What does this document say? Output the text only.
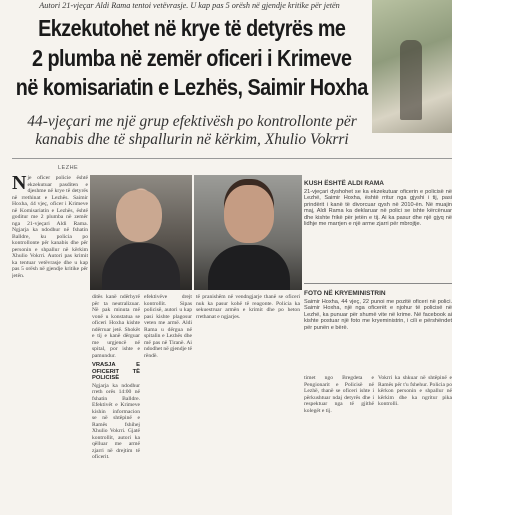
Autori 21-vjeçar Aldi Rama tentoi vetëvrasje. U kap pas 5 orësh në gjendje kritike për jetën
Ekzekutohet në krye të detyrës me
2 plumba në zemër oficeri i Krimeve
në komisariatin e Lezhës, Saimir Hoxha
44-vjeçari me një grup efektivësh po kontrollonte për kanabis dhe të shpallurin në kërkim, Xhulio Vokrri
LEZHE
N je oficer policie është ekzekutuar pasditen e djeshme në krye të detyrës në rrethinat e Lezhës. Saimir Hoxha, 44 vjeç, oficer i Krimeve në Komisariatin e Lezhës, është goditur me 2 plumba në zemër nga 21-vjeçari Aldi Rama. Ngjarja ka ndodhur në fshatin Balldre, ku policia po kontrollonte për kanabis dhe për personin e shpallur në kërkim Xhulio Vokrri. Autori pas krimit ka tentuar vetëvrasje dhe u kap pas 5 orësh në gjendje kritike për jetën.

ditës kanë ndërhyrë për ta neutralizuar. Në pak minuta më vonë u konstatua se oficeri Hoxha kishte ndërruar jetë. Shokët e tij e kanë dërguar me urgjencë në spital, por ishte e pamundur.

VRASJA E OFICERIT TË POLICISË

Ngjarja ka ndodhur rreth orës 14:00 në fshatin Balldre. Efektivët e Krimeve kishin informacion se në shtëpinë e Ramës fshihej Xhulio Vokrri. Gjatë kontrollit, autori ka qëlluar me armë zjarri në drejtim të oficerit.

efektivëve drejt kontrollit. Sipas policisë, autori u kap pasi kishte plagosur veten me armë. Aldi Rama u dërgua në spitalin e Lezhës dhe më pas në Tiranë. Ai ndodhet në gjendje të rëndë.

të pranishëm në vendngjarje thanë se oficeri nuk ka pasur kohë të reagonte. Policia ka sekuestruar armën e krimit dhe po heton rrethanat e ngjarjes.

KUSH ËSHTË ALDI RAMA
21-vjeçari dyshohet se ka ekzekutuar oficerin e policisë në Lezhë, Saimir Hoxha, është rritur nga gjyshi i tij, pasi prindërit i kanë të divorcuar qysh në 2010-ën. Në muajin maj, Aldi Rama ka deklaruar në polici se ishte kërcënuar dhe kishte frikë për jetën e tij. Ai ka pasur dhe një gjyq në lidhje me marrjen e një arme zjarri për mbrojtje.
FOTO NË KRYEMINISTRIN
Saimir Hoxha, 44 vjeç, 22 punoi me pozitë oficeri në polici. Saimir Hoxha, një nga oficerët e njohur të policisë në Lezhë, ka punuar për shumë vite në krime. Në facebook ai kishte postuar një foto me kryeministrin, i cili e përshëndet për punën e bërë.

timet ngo Bregdeta e Pengionarit e Policisë në Lezhë, thanë se oficeri ishte i përkushtuar ndaj detyrës dhe i respektuar nga të gjithë kolegët e tij.

Vokrri ka shkuar në shtëpinë e Ramës për t'u fshehur. Policia po kërkon personin e shpallur në kërkim dhe ka ngritur pika kontrolli.
